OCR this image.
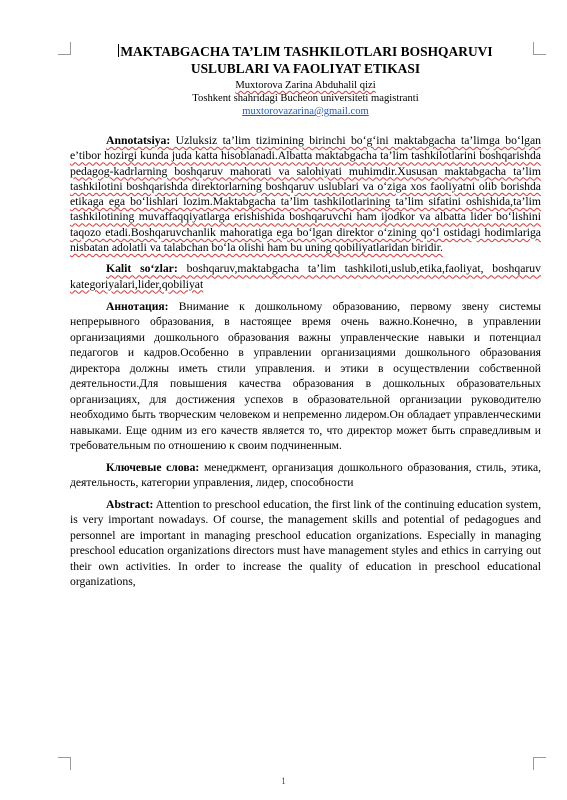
MAKTABGACHA TA’LIM TASHKILOTLARI BOSHQARUVI
USLUBLARI VA FAOLIYAT ETIKASI

Muxtorova Zarina Abduhalil qizi

Toshkent shahridagi Bucheon universiteti magistranti

muxtorovazarina@gmail.com

Annotatsiya: Uzluksiz ta’lim tizimining birinchi bo‘g‘ini maktabgacha ta’limga bo‘lgan e’tibor hozirgi kunda juda katta hisoblanadi.Albatta maktabgacha ta’lim tashkilotlarini boshqarishda pedagog-kadrlarning boshqaruv mahorati va salohiyati muhimdir.Xususan maktabgacha ta’lim tashkilotini boshqarishda direktorlarning boshqaruv uslublari va o‘ziga xos faoliyatni olib borishda etikaga ega bo‘lishlari lozim.Maktabgacha ta’lim tashkilotlarining ta’lim sifatini oshishida,ta’lim tashkilotining muvaffaqqiyatlarga erishishida boshqaruvchi ham ijodkor va albatta lider bo‘lishini taqozo etadi.Boshqaruvchanlik mahoratiga ega bo‘lgan direktor o‘zining qo‘l ostidagi hodimlariga nisbatan adolatli va talabchan bo‘la olishi ham bu uning qobiliyatlaridan biridir.

Kalit so‘zlar: boshqaruv,maktabgacha ta’lim tashkiloti,uslub,etika,faoliyat, boshqaruv kategoriyalari,lider,qobiliyat

Аннотация: Внимание к дошкольному образованию, первому звену системы непрерывного образования, в настоящее время очень важно.Конечно, в управлении организациями дошкольного образования важны управленческие навыки и потенциал педагогов и кадров.Особенно в управлении организациями дошкольного образования директора должны иметь стили управления. и этики в осуществлении собственной деятельности.Для повышения качества образования в дошкольных образовательных организациях, для достижения успехов в образовательной организации руководителю необходимо быть творческим человеком и непременно лидером.Он обладает управленческими навыками. Еще одним из его качеств является то, что директор может быть справедливым и требовательным по отношению к своим подчиненным.

Ключевые слова: менеджмент, организация дошкольного образования, стиль, этика, деятельность, категории управления, лидер, способности

Abstract: Attention to preschool education, the first link of the continuing education system, is very important nowadays. Of course, the management skills and potential of pedagogues and personnel are important in managing preschool education organizations. Especially in managing preschool education organizations directors must have management styles and ethics in carrying out their own activities. In order to increase the quality of education in preschool educational organizations,

1
